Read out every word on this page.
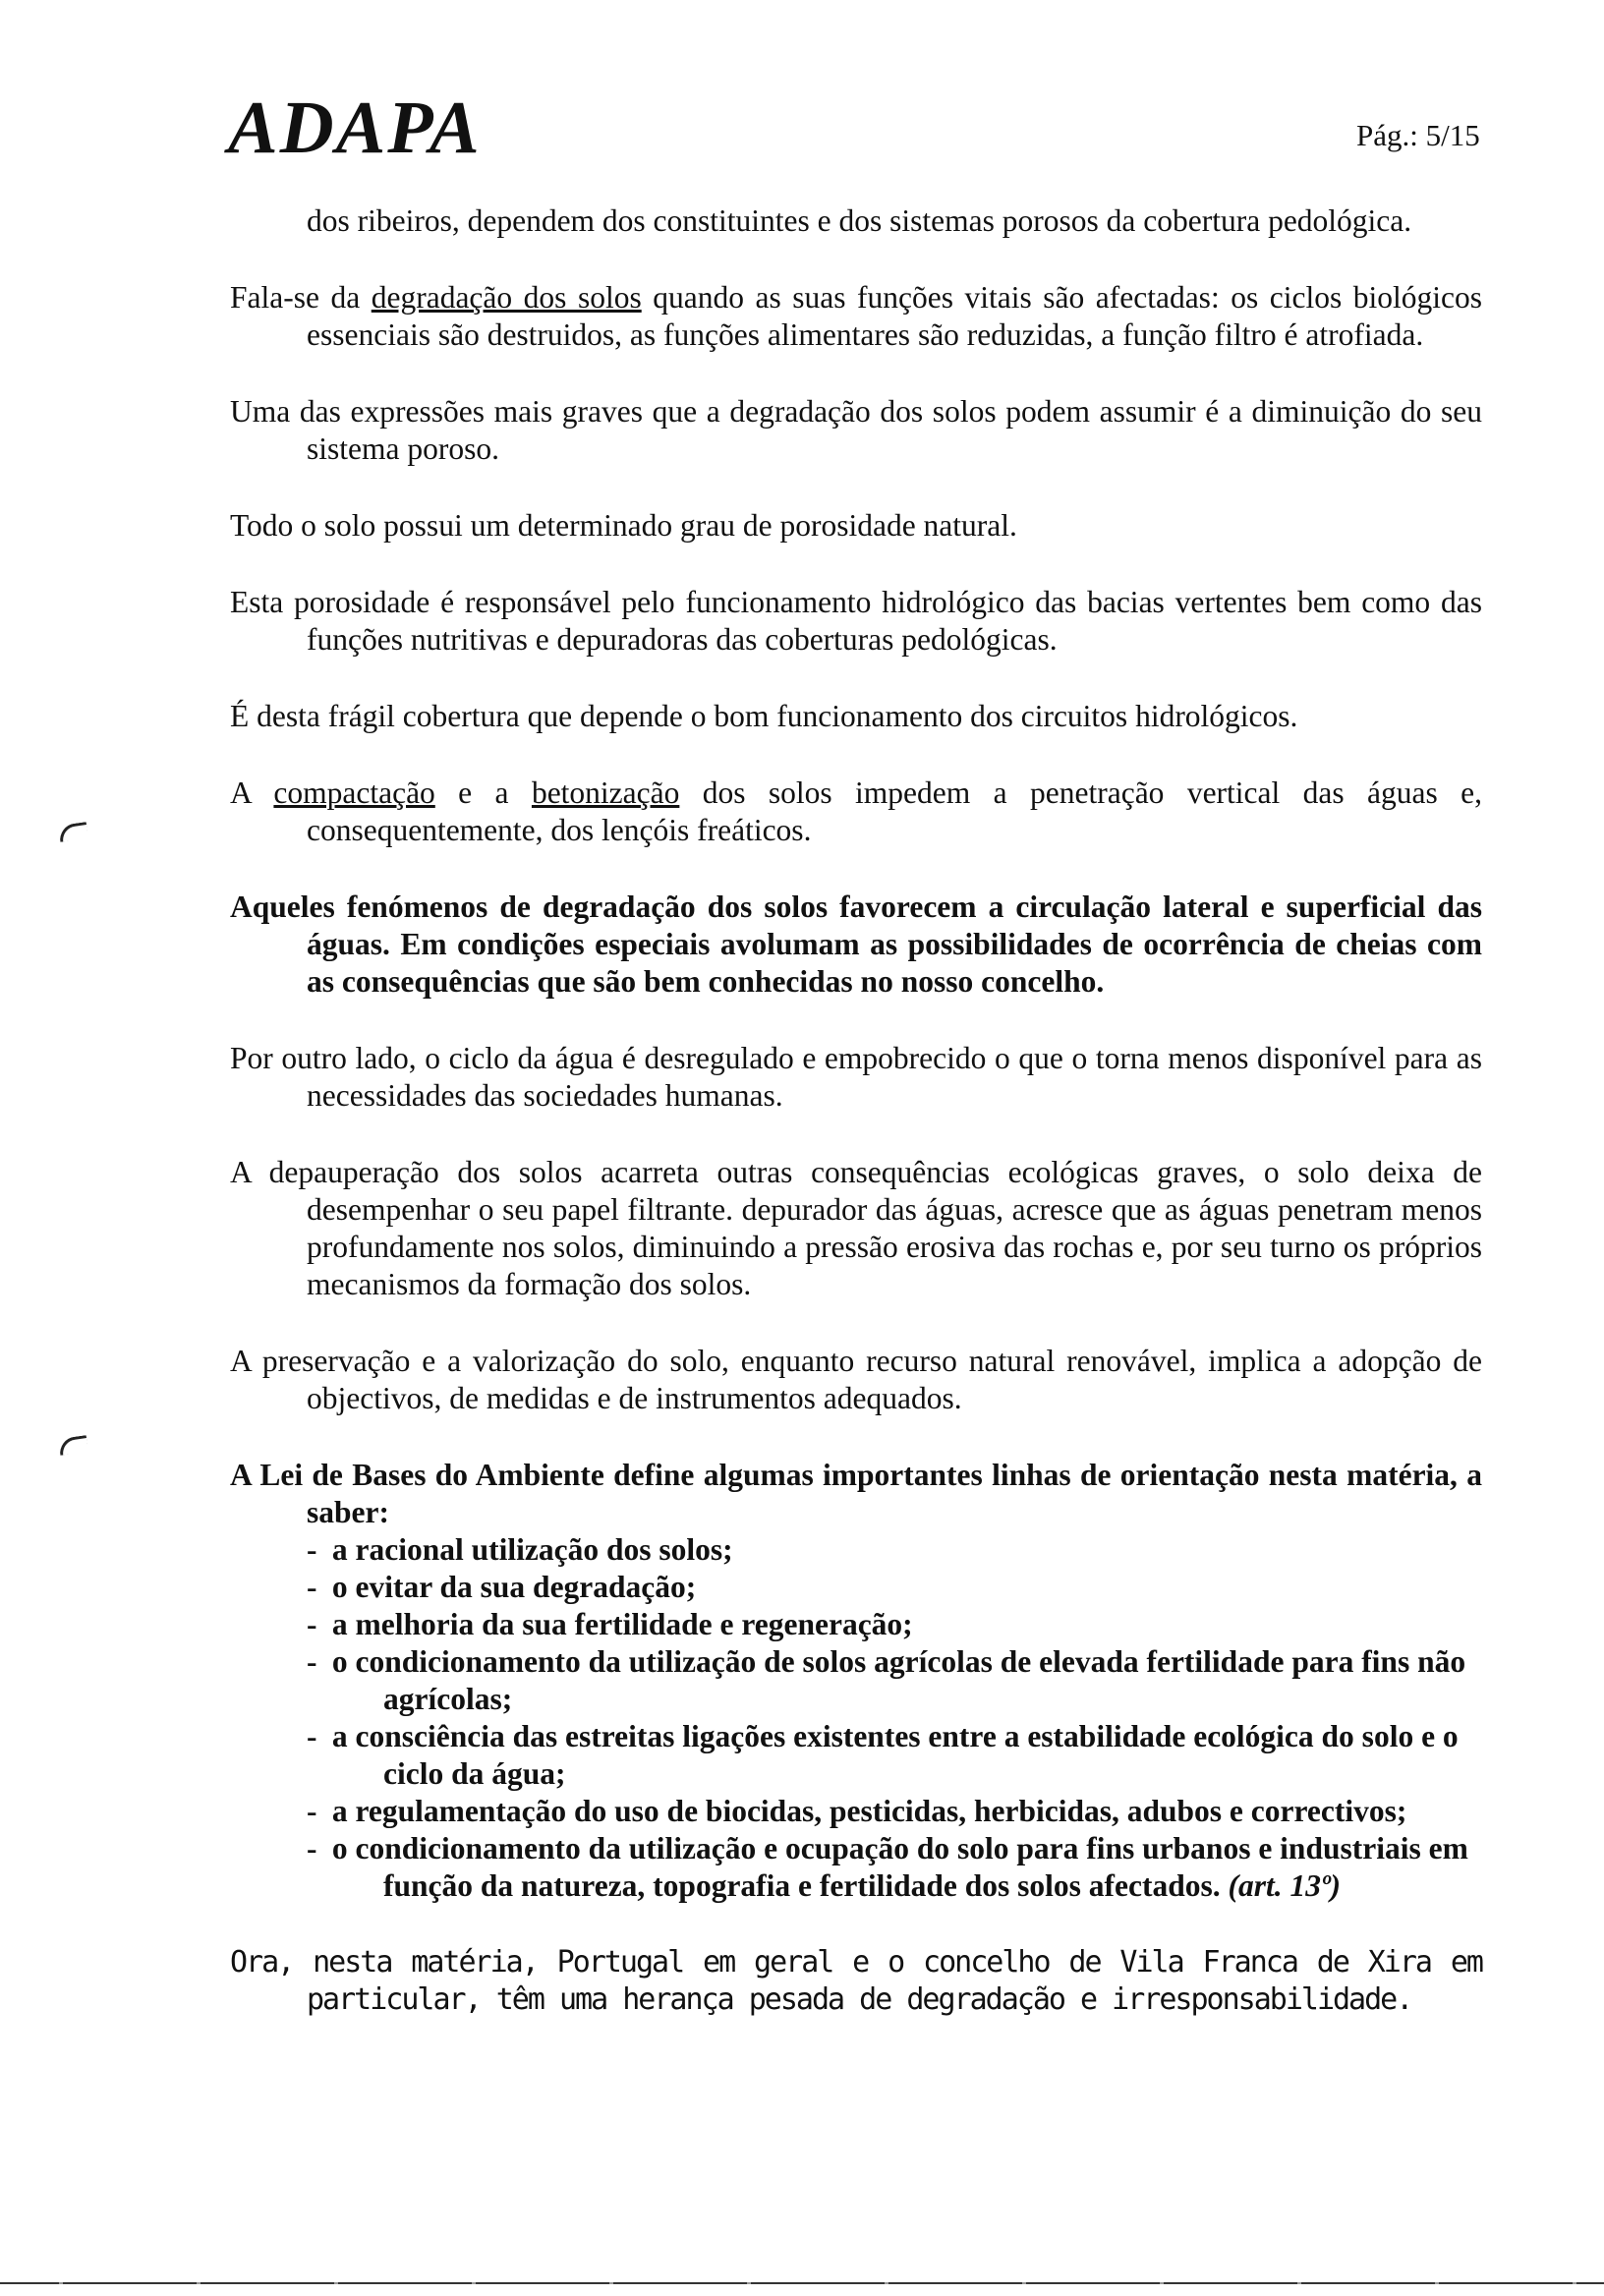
ADAPA	Pág.: 5/15

dos ribeiros, dependem dos constituintes e dos sistemas porosos da cobertura pedológica.

Fala-se da degradação dos solos quando as suas funções vitais são afectadas: os ciclos biológicos essenciais são destruidos, as funções alimentares são reduzidas, a função filtro é atrofiada.

Uma das expressões mais graves que a degradação dos solos podem assumir é a diminuição do seu sistema poroso.

Todo o solo possui um determinado grau de porosidade natural.

Esta porosidade é responsável pelo funcionamento hidrológico das bacias vertentes bem como das funções nutritivas e depuradoras das coberturas pedológicas.

É desta frágil cobertura que depende o bom funcionamento dos circuitos hidrológicos.

A compactação e a betonização dos solos impedem a penetração vertical das águas e, consequentemente, dos lençóis freáticos.

Aqueles fenómenos de degradação dos solos favorecem a circulação lateral e superficial das águas. Em condições especiais avolumam as possibilidades de ocorrência de cheias com as consequências que são bem conhecidas no nosso concelho.

Por outro lado, o ciclo da água é desregulado e empobrecido o que o torna menos disponível para as necessidades das sociedades humanas.

A depauperação dos solos acarreta outras consequências ecológicas graves, o solo deixa de desempenhar o seu papel filtrante. depurador das águas, acresce que as águas penetram menos profundamente nos solos, diminuindo a pressão erosiva das rochas e, por seu turno os próprios mecanismos da formação dos solos.

A preservação e a valorização do solo, enquanto recurso natural renovável, implica a adopção de objectivos, de medidas e de instrumentos adequados.

A Lei de Bases do Ambiente define algumas importantes linhas de orientação nesta matéria, a saber:

- a racional utilização dos solos;
- o evitar da sua degradação;
- a melhoria da sua fertilidade e regeneração;
- o condicionamento da utilização de solos agrícolas de elevada fertilidade para fins não agrícolas;
- a consciência das estreitas ligações existentes entre a estabilidade ecológica do solo e o ciclo da água;
- a regulamentação do uso de biocidas, pesticidas, herbicidas, adubos e correctivos;
- o condicionamento da utilização e ocupação do solo para fins urbanos e industriais em função da natureza, topografia e fertilidade dos solos afectados. (art. 13º)

Ora, nesta matéria, Portugal em geral e o concelho de Vila Franca de Xira em particular, têm uma herança pesada de degradação e irresponsabilidade.
